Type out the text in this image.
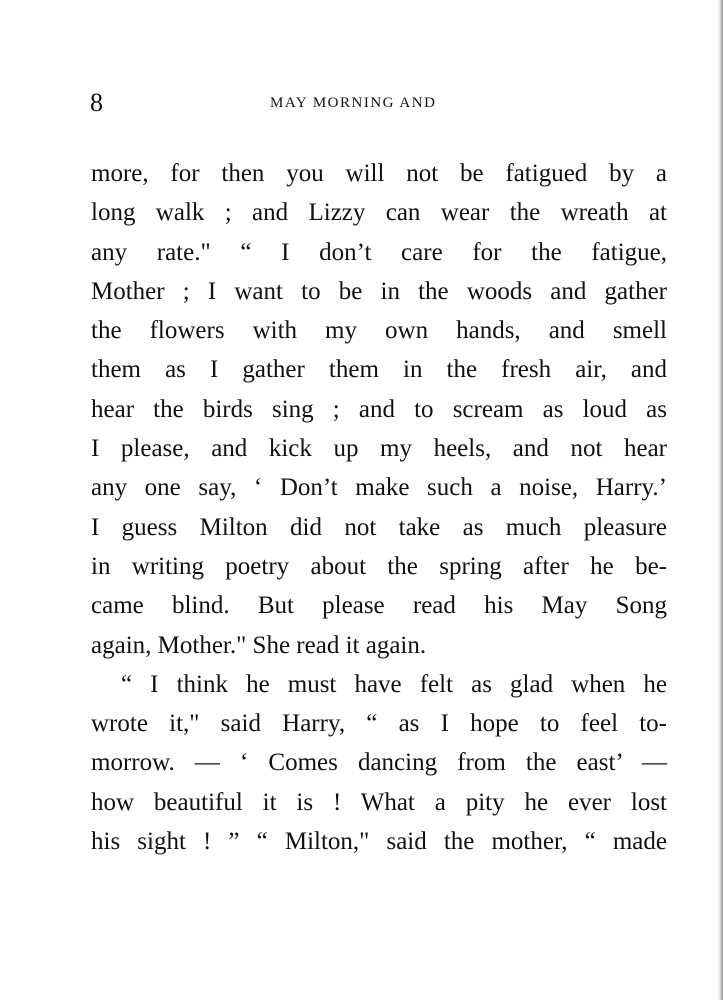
8	MAY MORNING AND
more, for then you will not be fatigued by a
long walk ; and Lizzy can wear the wreath at
any rate." “ I don’t care for the fatigue,
Mother ; I want to be in the woods and gather
the flowers with my own hands, and smell
them as I gather them in the fresh air, and
hear the birds sing ; and to scream as loud as
I please, and kick up my heels, and not hear
any one say, ‘ Don’t make such a noise, Harry.’
I guess Milton did not take as much pleasure
in writing poetry about the spring after he be-
came blind. But please read his May Song
again, Mother." She read it again.
“ I think he must have felt as glad when he
wrote it," said Harry, “ as I hope to feel to-
morrow. — ‘ Comes dancing from the east’ —
how beautiful it is ! What a pity he ever lost
his sight ! ” “ Milton," said the mother, “ made
